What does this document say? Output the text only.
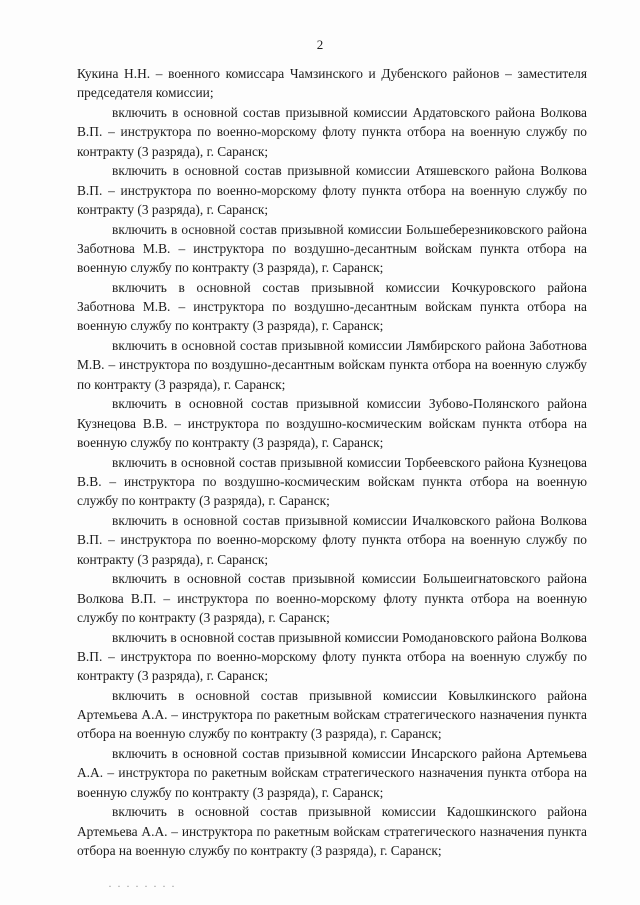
2

Кукина Н.Н. – военного комиссара Чамзинского и Дубенского районов – заместителя председателя комиссии;

включить в основной состав призывной комиссии Ардатовского района Волкова В.П. – инструктора по военно-морскому флоту пункта отбора на военную службу по контракту (3 разряда), г. Саранск;

включить в основной состав призывной комиссии Атяшевского района Волкова В.П. – инструктора по военно-морскому флоту пункта отбора на военную службу по контракту (3 разряда), г. Саранск;

включить в основной состав призывной комиссии Большеберезниковского района Заботнова М.В. – инструктора по воздушно-десантным войскам пункта отбора на военную службу по контракту (3 разряда), г. Саранск;

включить в основной состав призывной комиссии Кочкуровского района Заботнова М.В. – инструктора по воздушно-десантным войскам пункта отбора на военную службу по контракту (3 разряда), г. Саранск;

включить в основной состав призывной комиссии Лямбирского района Заботнова М.В. – инструктора по воздушно-десантным войскам пункта отбора на военную службу по контракту (3 разряда), г. Саранск;

включить в основной состав призывной комиссии Зубово-Полянского района Кузнецова В.В. – инструктора по воздушно-космическим войскам пункта отбора на военную службу по контракту (3 разряда), г. Саранск;

включить в основной состав призывной комиссии Торбеевского района Кузнецова В.В. – инструктора по воздушно-космическим войскам пункта отбора на военную службу по контракту (3 разряда), г. Саранск;

включить в основной состав призывной комиссии Ичалковского района Волкова В.П. – инструктора по военно-морскому флоту пункта отбора на военную службу по контракту (3 разряда), г. Саранск;

включить в основной состав призывной комиссии Большеигнатовского района Волкова В.П. – инструктора по военно-морскому флоту пункта отбора на военную службу по контракту (3 разряда), г. Саранск;

включить в основной состав призывной комиссии Ромодановского района Волкова В.П. – инструктора по военно-морскому флоту пункта отбора на военную службу по контракту (3 разряда), г. Саранск;

включить в основной состав призывной комиссии Ковылкинского района Артемьева А.А. – инструктора по ракетным войскам стратегического назначения пункта отбора на военную службу по контракту (3 разряда), г. Саранск;

включить в основной состав призывной комиссии Инсарского района Артемьева А.А. – инструктора по ракетным войскам стратегического назначения пункта отбора на военную службу по контракту (3 разряда), г. Саранск;

включить в основной состав призывной комиссии Кадошкинского района Артемьева А.А. – инструктора по ракетным войскам стратегического назначения пункта отбора на военную службу по контракту (3 разряда), г. Саранск;

· · · · · · · ·
